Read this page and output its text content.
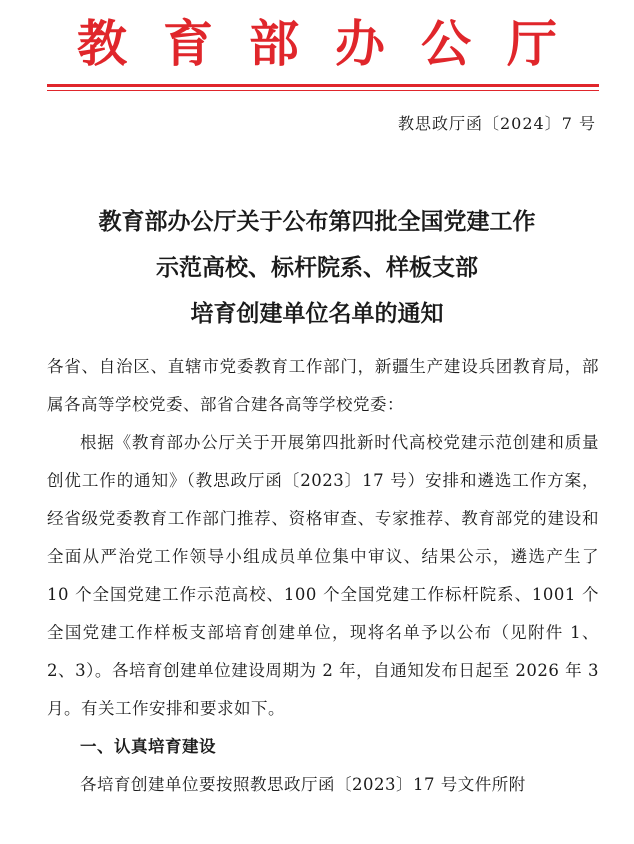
教育部办公厅
教思政厅函〔2024〕7 号
教育部办公厅关于公布第四批全国党建工作
示范高校、标杆院系、样板支部
培育创建单位名单的通知

各省、自治区、直辖市党委教育工作部门，新疆生产建设兵团教育局，部属各高等学校党委、部省合建各高等学校党委：

根据《教育部办公厅关于开展第四批新时代高校党建示范创建和质量创优工作的通知》（教思政厅函〔2023〕17 号）安排和遴选工作方案，经省级党委教育工作部门推荐、资格审查、专家推荐、教育部党的建设和全面从严治党工作领导小组成员单位集中审议、结果公示，遴选产生了 10 个全国党建工作示范高校、100 个全国党建工作标杆院系、1001 个全国党建工作样板支部培育创建单位，现将名单予以公布（见附件 1、2、3）。各培育创建单位建设周期为 2 年，自通知发布日起至 2026 年 3 月。有关工作安排和要求如下。

一、认真培育建设

各培育创建单位要按照教思政厅函〔2023〕17 号文件所附
